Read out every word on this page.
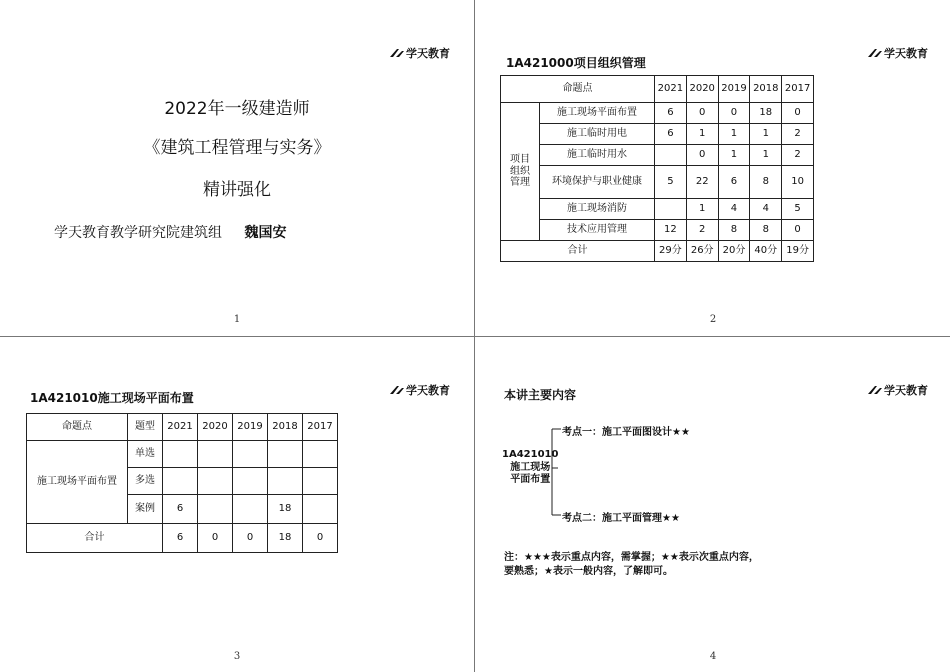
学天教育
2022年一级建造师
《建筑工程管理与实务》
精讲强化
学天教育教学研究院建筑组 魏国安
1
学天教育
1A421000项目组织管理
命题点		2021	2020	2019	2018	2017
项目
组织
管理	施工现场平面布置	6	0	0	18	0
	施工临时用电	6	1	1	1	2
	施工临时用水		0	1	1	2
	环境保护与职业健康	5	22	6	8	10
	施工现场消防		1	4	4	5
	技术应用管理	12	2	8	8	0
合计		29分	26分	20分	40分	19分
2
学天教育
1A421010施工现场平面布置
命题点	题型	2021	2020	2019	2018	2017
施工现场平面布置	单选					
	多选					
	案例	6			18	
合计		6	0	0	18	0
3
学天教育
本讲主要内容
1A421010
施工现场
平面布置
考点一：施工平面图设计★★
考点二：施工平面管理★★
注：★★★表示重点内容，需掌握；★★表示次重点内容，
要熟悉；★表示一般内容，了解即可。
4
